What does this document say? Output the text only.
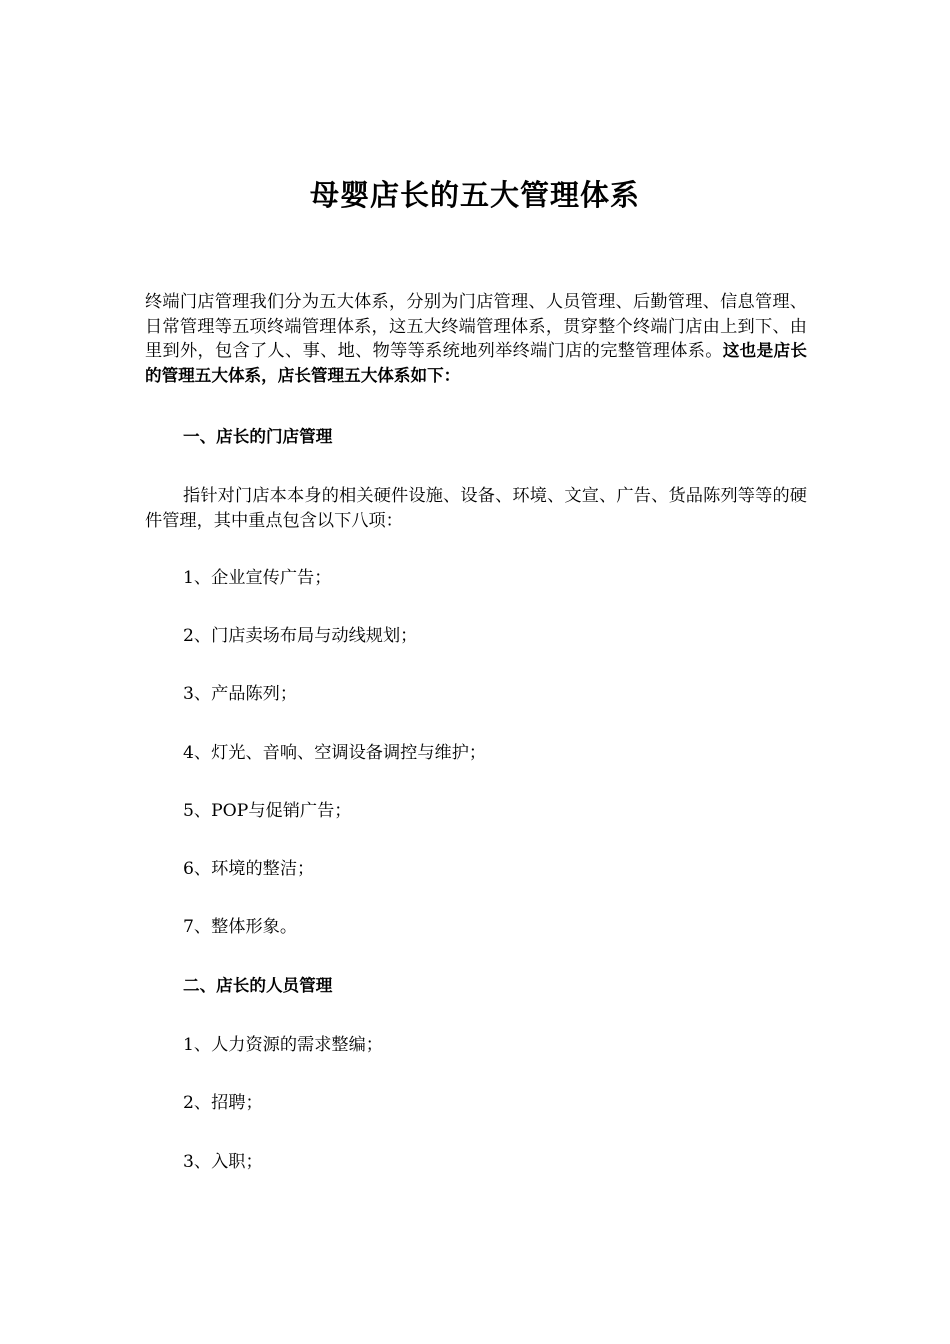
母婴店长的五大管理体系

终端门店管理我们分为五大体系，分别为门店管理、人员管理、后勤管理、信息管理、日常管理等五项终端管理体系，这五大终端管理体系，贯穿整个终端门店由上到下、由里到外，包含了人、事、地、物等等系统地列举终端门店的完整管理体系。这也是店长的管理五大体系，店长管理五大体系如下：

一、店长的门店管理

指针对门店本本身的相关硬件设施、设备、环境、文宣、广告、货品陈列等等的硬件管理，其中重点包含以下八项：

1、企业宣传广告；

2、门店卖场布局与动线规划；

3、产品陈列；

4、灯光、音响、空调设备调控与维护；

5、POP与促销广告；

6、环境的整洁；

7、整体形象。

二、店长的人员管理

1、人力资源的需求整编；

2、招聘；

3、入职；
